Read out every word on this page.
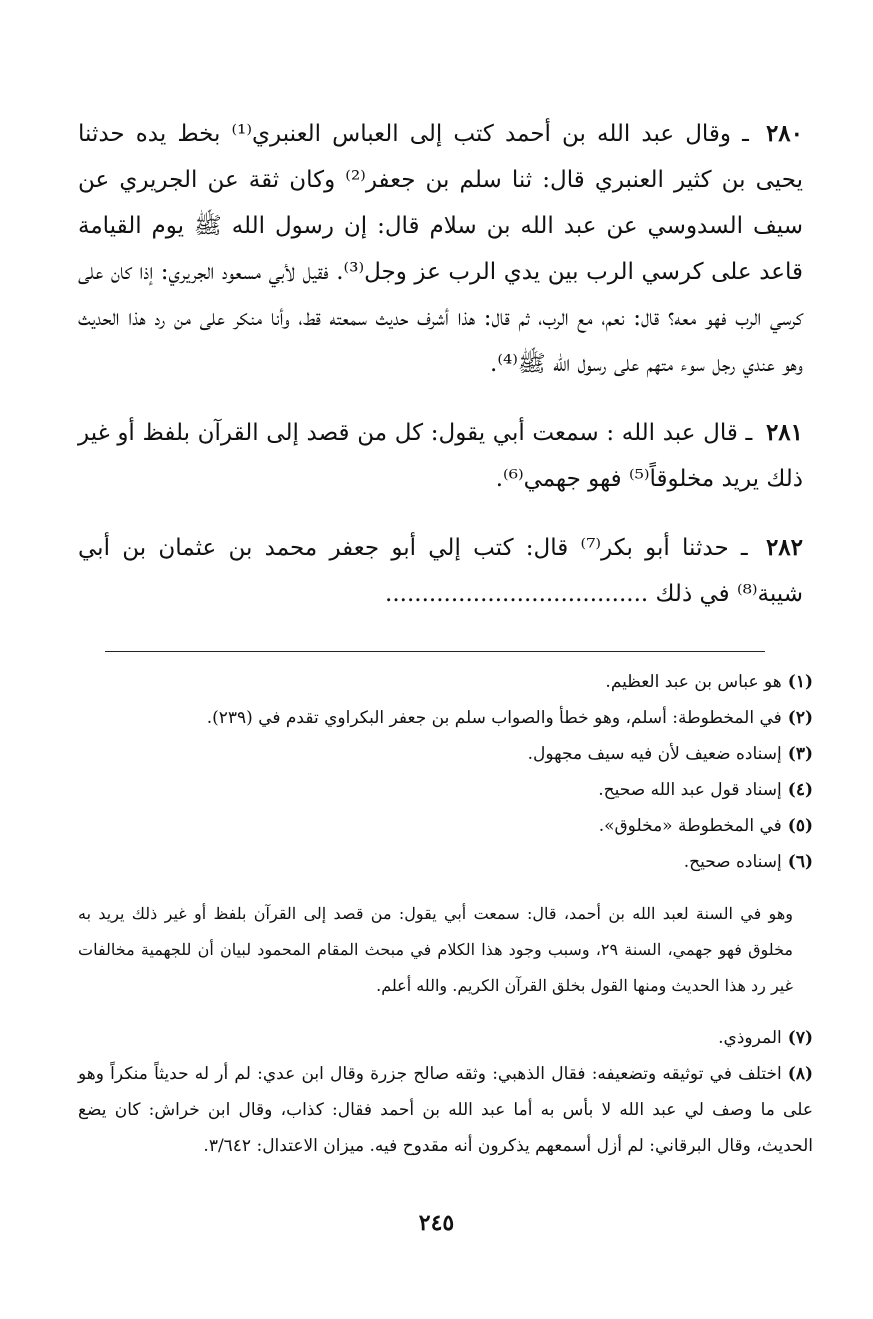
٢٨٠ ـ وقال عبد الله بن أحمد كتب إلى العباس العنبري⁽¹⁾ بخط يده حدثنا يحيى بن كثير العنبري قال: ثنا سلم بن جعفر⁽²⁾ وكان ثقة عن الجريري عن سيف السدوسي عن عبد الله بن سلام قال: إن رسول الله ﷺ يوم القيامة قاعد على كرسي الرب بين يدي الرب عز وجل⁽³⁾. فقيل لأبي مسعود الجريري: إذا كان على كرسي الرب فهو معه؟ قال: نعم، مع الرب، ثم قال: هذا أشرف حديث سمعته قط، وأنا منكر على من رد هذا الحديث وهو عندي رجل سوء متهم على رسول الله ﷺ⁽⁴⁾.

٢٨١ ـ قال عبد الله : سمعت أبي يقول: كل من قصد إلى القرآن بلفظ أو غير ذلك يريد مخلوقاً⁽⁵⁾ فهو جهمي⁽⁶⁾.

٢٨٢ ـ حدثنا أبو بكر⁽⁷⁾ قال: كتب إلي أبو جعفر محمد بن عثمان بن أبي شيبة⁽⁸⁾ في ذلك ....................................

(١)هو عباس بن عبد العظيم.

(٢)في المخطوطة: أسلم، وهو خطأ والصواب سلم بن جعفر البكراوي تقدم في (٢٣٩).

(٣)إسناده ضعيف لأن فيه سيف مجهول.

(٤)إسناد قول عبد الله صحيح.

(٥)في المخطوطة «مخلوق».

(٦)إسناده صحيح.

وهو في السنة لعبد الله بن أحمد، قال: سمعت أبي يقول: من قصد إلى القرآن بلفظ أو غير ذلك يريد به مخلوق فهو جهمي، السنة ٢٩، وسبب وجود هذا الكلام في مبحث المقام المحمود لبيان أن للجهمية مخالفات غير رد هذا الحديث ومنها القول بخلق القرآن الكريم. والله أعلم.

(٧)المروذي.

(٨)اختلف في توثيقه وتضعيفه: فقال الذهبي: وثقه صالح جزرة وقال ابن عدي: لم أر له حديثاً منكراً وهو على ما وصف لي عبد الله لا بأس به أما عبد الله بن أحمد فقال: كذاب، وقال ابن خراش: كان يضع الحديث، وقال البرقاني: لم أزل أسمعهم يذكرون أنه مقدوح فيه. ميزان الاعتدال: ٣/٦٤٢.

٢٤٥
